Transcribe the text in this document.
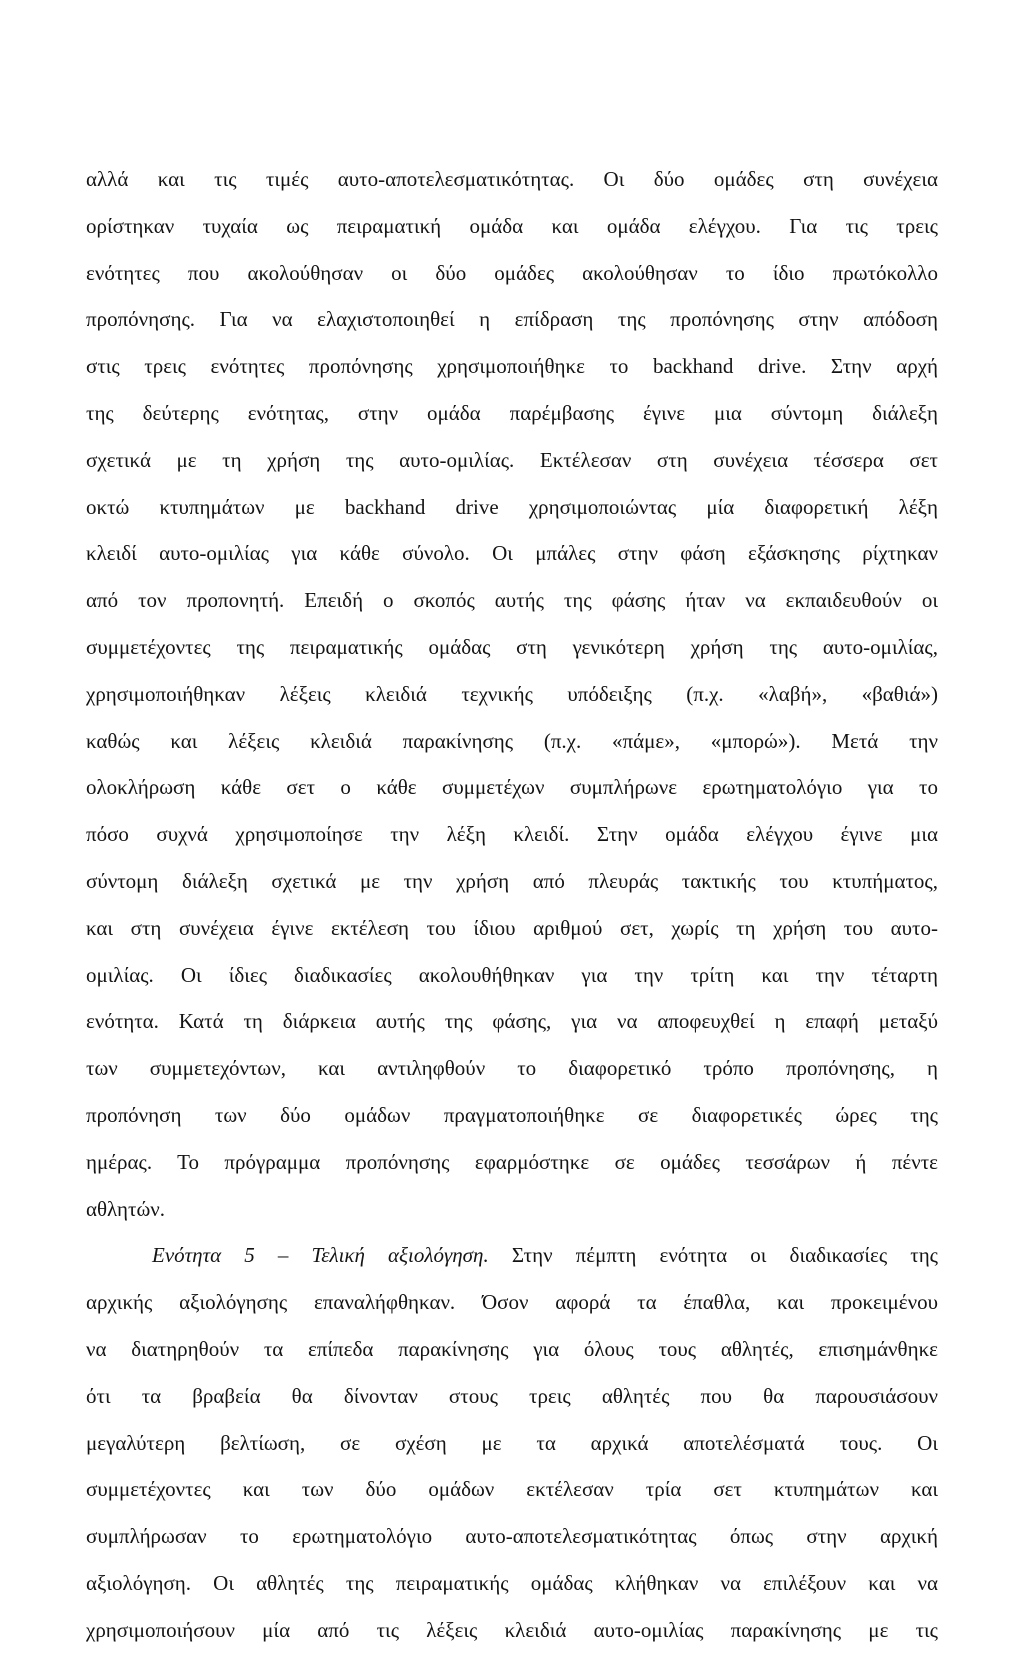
αλλά και τις τιμές αυτο-αποτελεσματικότητας. Οι δύο ομάδες στη συνέχεια
ορίστηκαν τυχαία ως πειραματική ομάδα και ομάδα ελέγχου. Για τις τρεις
ενότητες που ακολούθησαν οι δύο ομάδες ακολούθησαν το ίδιο πρωτόκολλο
προπόνησης. Για να ελαχιστοποιηθεί η επίδραση της προπόνησης στην απόδοση
στις τρεις ενότητες προπόνησης χρησιμοποιήθηκε το backhand drive. Στην αρχή
της δεύτερης ενότητας, στην ομάδα παρέμβασης έγινε μια σύντομη διάλεξη
σχετικά με τη χρήση της αυτο-ομιλίας. Εκτέλεσαν στη συνέχεια τέσσερα σετ
οκτώ κτυπημάτων με backhand drive χρησιμοποιώντας μία διαφορετική λέξη
κλειδί αυτο-ομιλίας για κάθε σύνολο. Οι μπάλες στην φάση εξάσκησης ρίχτηκαν
από τον προπονητή. Επειδή ο σκοπός αυτής της φάσης ήταν να εκπαιδευθούν οι
συμμετέχοντες της πειραματικής ομάδας στη γενικότερη χρήση της αυτο-ομιλίας,
χρησιμοποιήθηκαν λέξεις κλειδιά τεχνικής υπόδειξης (π.χ. «λαβή», «βαθιά»)
καθώς και λέξεις κλειδιά παρακίνησης (π.χ. «πάμε», «μπορώ»). Μετά την
ολοκλήρωση κάθε σετ ο κάθε συμμετέχων συμπλήρωνε ερωτηματολόγιο για το
πόσο συχνά χρησιμοποίησε την λέξη κλειδί. Στην ομάδα ελέγχου έγινε μια
σύντομη διάλεξη σχετικά με την χρήση από πλευράς τακτικής του κτυπήματος,
και στη συνέχεια έγινε εκτέλεση του ίδιου αριθμού σετ, χωρίς τη χρήση του αυτο-
ομιλίας. Οι ίδιες διαδικασίες ακολουθήθηκαν για την τρίτη και την τέταρτη
ενότητα. Κατά τη διάρκεια αυτής της φάσης, για να αποφευχθεί η επαφή μεταξύ
των συμμετεχόντων, και αντιληφθούν το διαφορετικό τρόπο προπόνησης, η
προπόνηση των δύο ομάδων πραγματοποιήθηκε σε διαφορετικές ώρες της
ημέρας. Το πρόγραμμα προπόνησης εφαρμόστηκε σε ομάδες τεσσάρων ή πέντε
αθλητών.
Ενότητα 5 – Τελική αξιολόγηση. Στην πέμπτη ενότητα οι διαδικασίες της
αρχικής αξιολόγησης επαναλήφθηκαν. Όσον αφορά τα έπαθλα, και προκειμένου
να διατηρηθούν τα επίπεδα παρακίνησης για όλους τους αθλητές, επισημάνθηκε
ότι τα βραβεία θα δίνονταν στους τρεις αθλητές που θα παρουσιάσουν
μεγαλύτερη βελτίωση, σε σχέση με τα αρχικά αποτελέσματά τους. Οι
συμμετέχοντες και των δύο ομάδων εκτέλεσαν τρία σετ κτυπημάτων και
συμπλήρωσαν το ερωτηματολόγιο αυτο-αποτελεσματικότητας όπως στην αρχική
αξιολόγηση. Οι αθλητές της πειραματικής ομάδας κλήθηκαν να επιλέξουν και να
χρησιμοποιήσουν μία από τις λέξεις κλειδιά αυτο-ομιλίας παρακίνησης με τις
